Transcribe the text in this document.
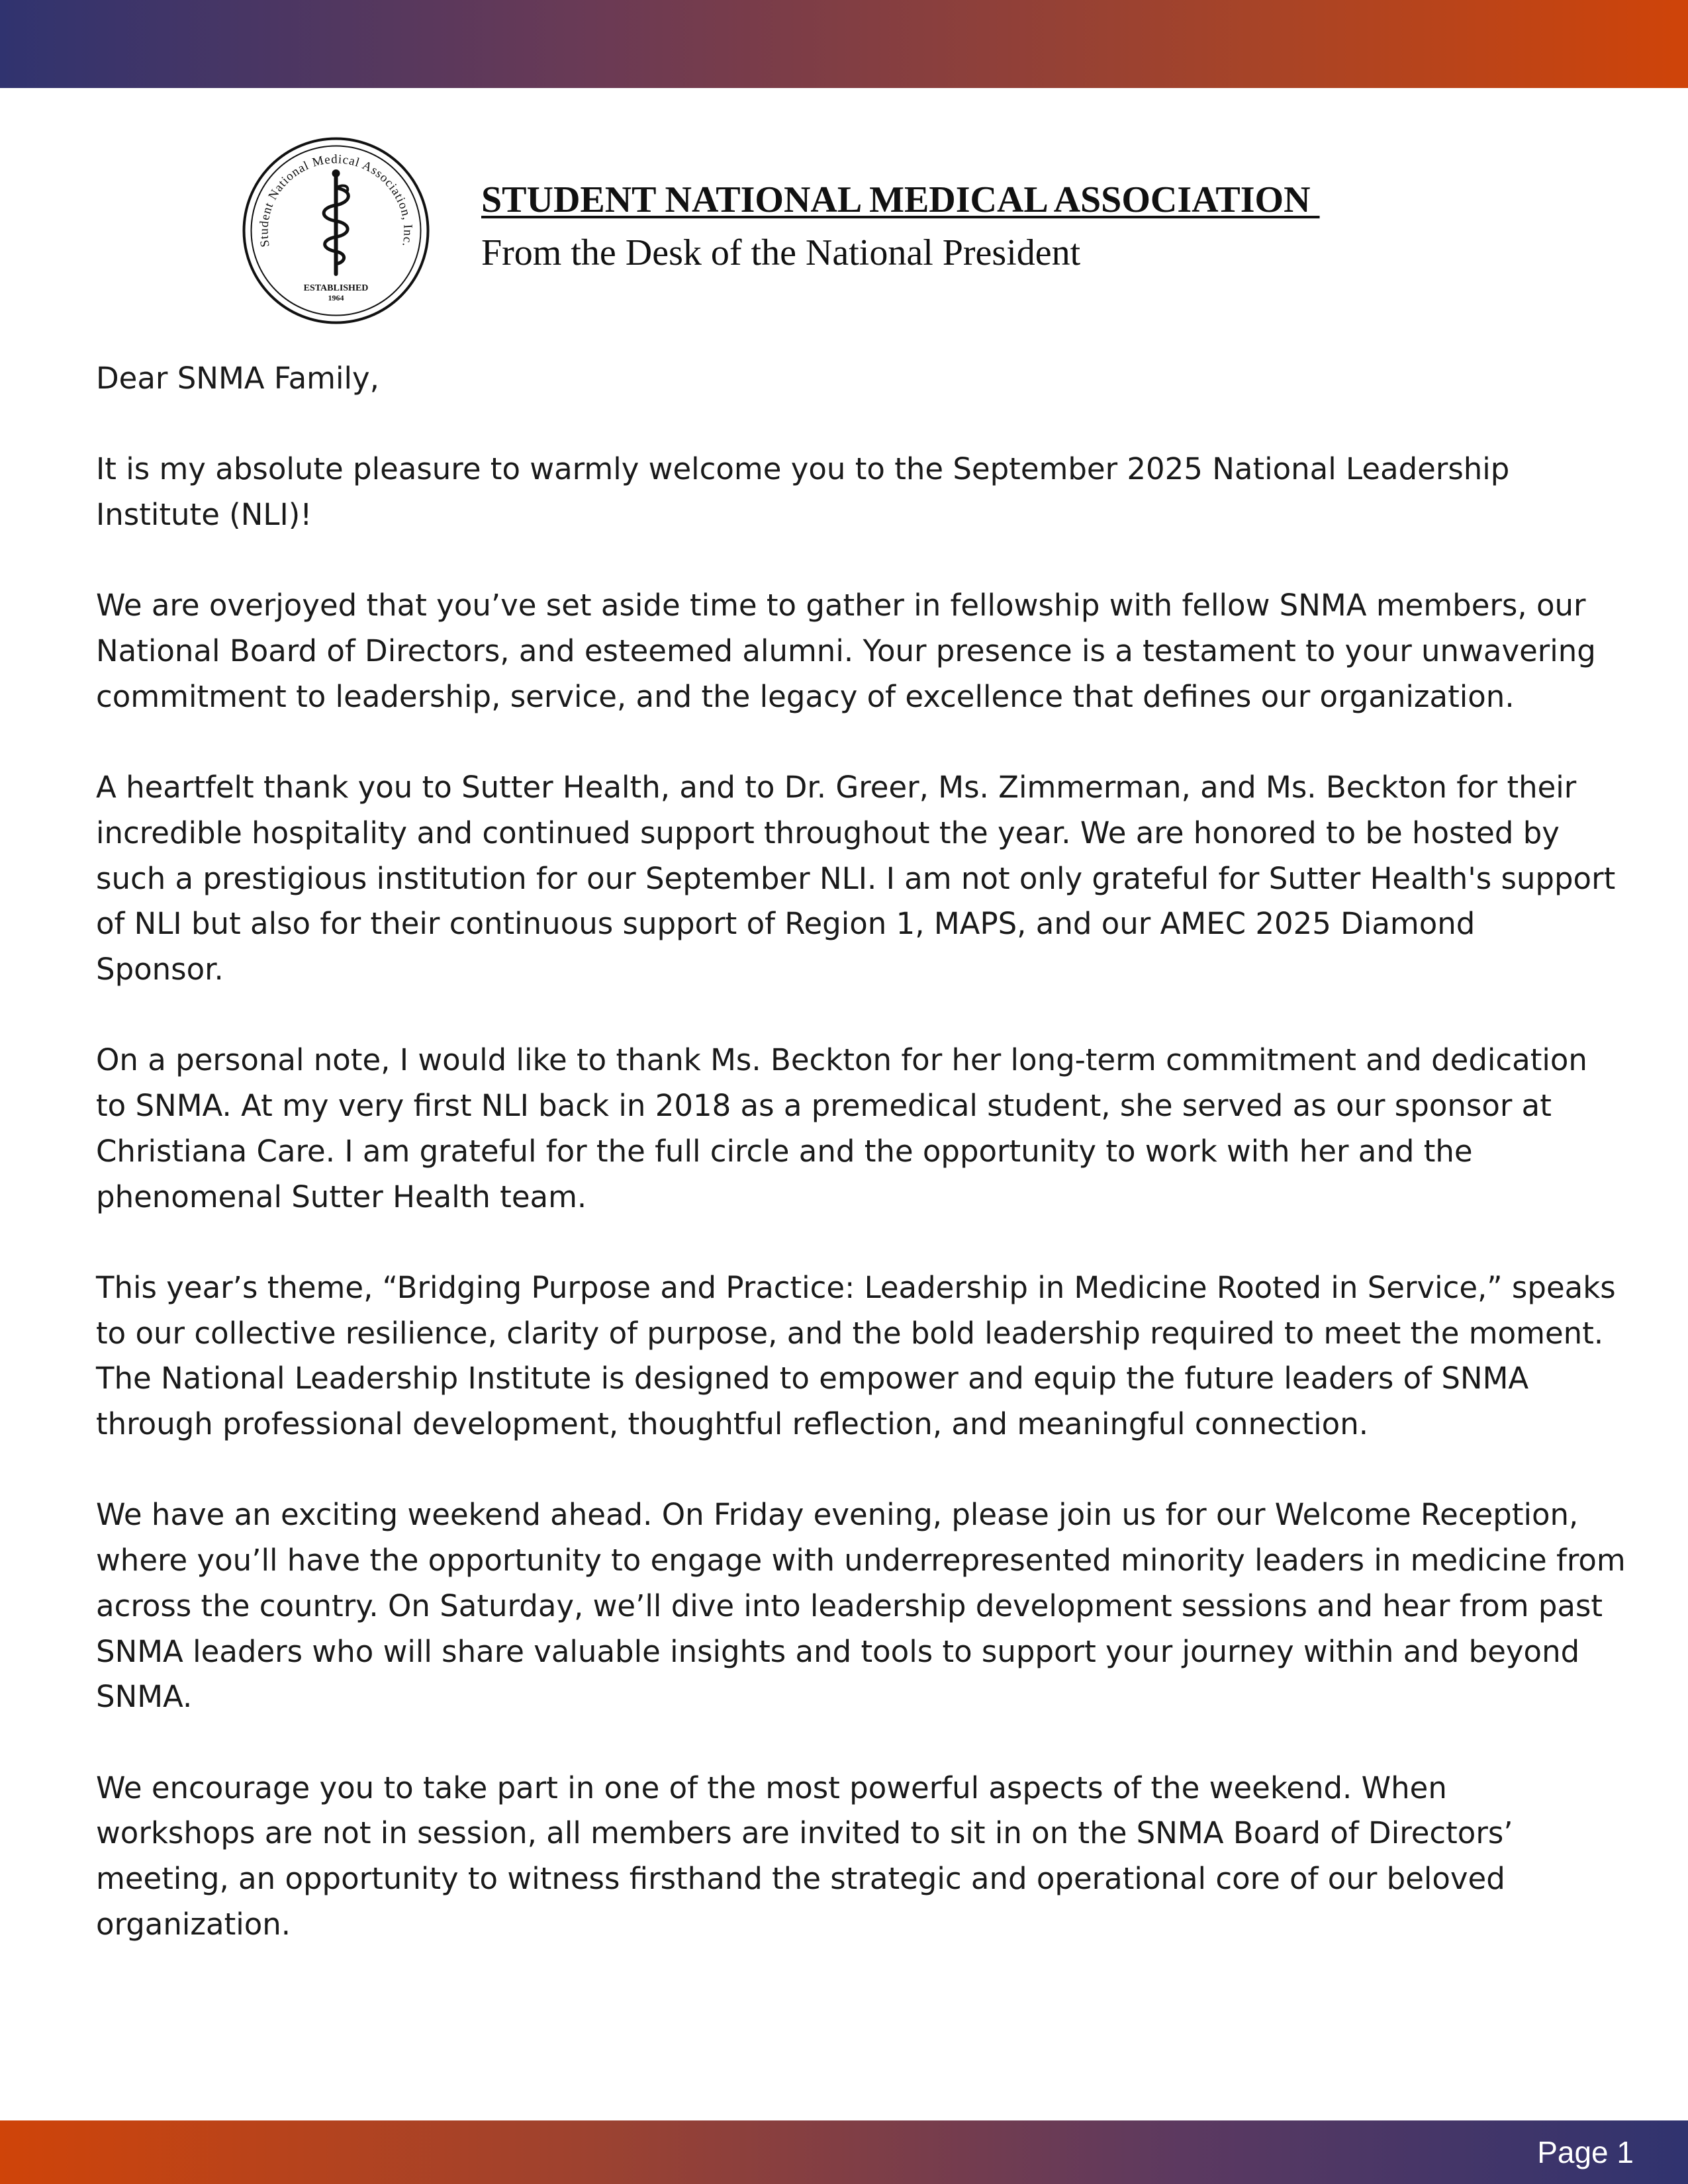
Student National Medical Association, Inc.
ESTABLISHED
1964
STUDENT NATIONAL MEDICAL ASSOCIATION
From the Desk of the National President

Dear SNMA Family,

It is my absolute pleasure to warmly welcome you to the September 2025 National Leadership
Institute (NLI)!

We are overjoyed that you’ve set aside time to gather in fellowship with fellow SNMA members, our
National Board of Directors, and esteemed alumni. Your presence is a testament to your unwavering
commitment to leadership, service, and the legacy of excellence that defines our organization.

A heartfelt thank you to Sutter Health, and to Dr. Greer, Ms. Zimmerman, and Ms. Beckton for their
incredible hospitality and continued support throughout the year. We are honored to be hosted by
such a prestigious institution for our September NLI. I am not only grateful for Sutter Health's support
of NLI but also for their continuous support of Region 1, MAPS, and our AMEC 2025 Diamond
Sponsor.

On a personal note, I would like to thank Ms. Beckton for her long-term commitment and dedication
to SNMA. At my very first NLI back in 2018 as a premedical student, she served as our sponsor at
Christiana Care. I am grateful for the full circle and the opportunity to work with her and the
phenomenal Sutter Health team.

This year’s theme, “Bridging Purpose and Practice: Leadership in Medicine Rooted in Service,” speaks
to our collective resilience, clarity of purpose, and the bold leadership required to meet the moment.
The National Leadership Institute is designed to empower and equip the future leaders of SNMA
through professional development, thoughtful reflection, and meaningful connection.

We have an exciting weekend ahead. On Friday evening, please join us for our Welcome Reception,
where you’ll have the opportunity to engage with underrepresented minority leaders in medicine from
across the country. On Saturday, we’ll dive into leadership development sessions and hear from past
SNMA leaders who will share valuable insights and tools to support your journey within and beyond
SNMA.

We encourage you to take part in one of the most powerful aspects of the weekend. When
workshops are not in session, all members are invited to sit in on the SNMA Board of Directors’
meeting, an opportunity to witness firsthand the strategic and operational core of our beloved
organization.

Page 1
